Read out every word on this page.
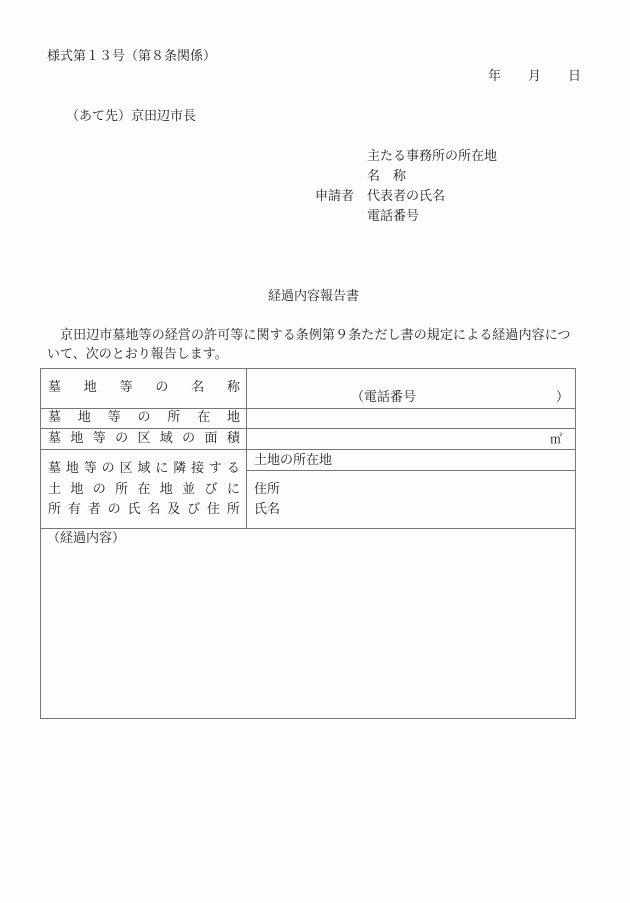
様式第１３号（第８条関係）
年 月 日
（あて先）京田辺市長
主たる事務所の所在地
名　称
申請者 代表者の氏名
電話番号
経過内容報告書
京田辺市墓地等の経営の許可等に関する条例第９条ただし書の規定による経過内容につ
いて、次のとおり報告します。
墓 地 等 の 名 称
（電話番号	）
墓 地 等 の 所 在 地
墓 地 等 の 区 域 の 面 積	㎡
墓 地 等 の 区 域 に 隣 接 す る
土 地 の 所 在 地 並 び に
所 有 者 の 氏 名 及 び 住 所
土地の所在地
住所
氏名
（経過内容）
